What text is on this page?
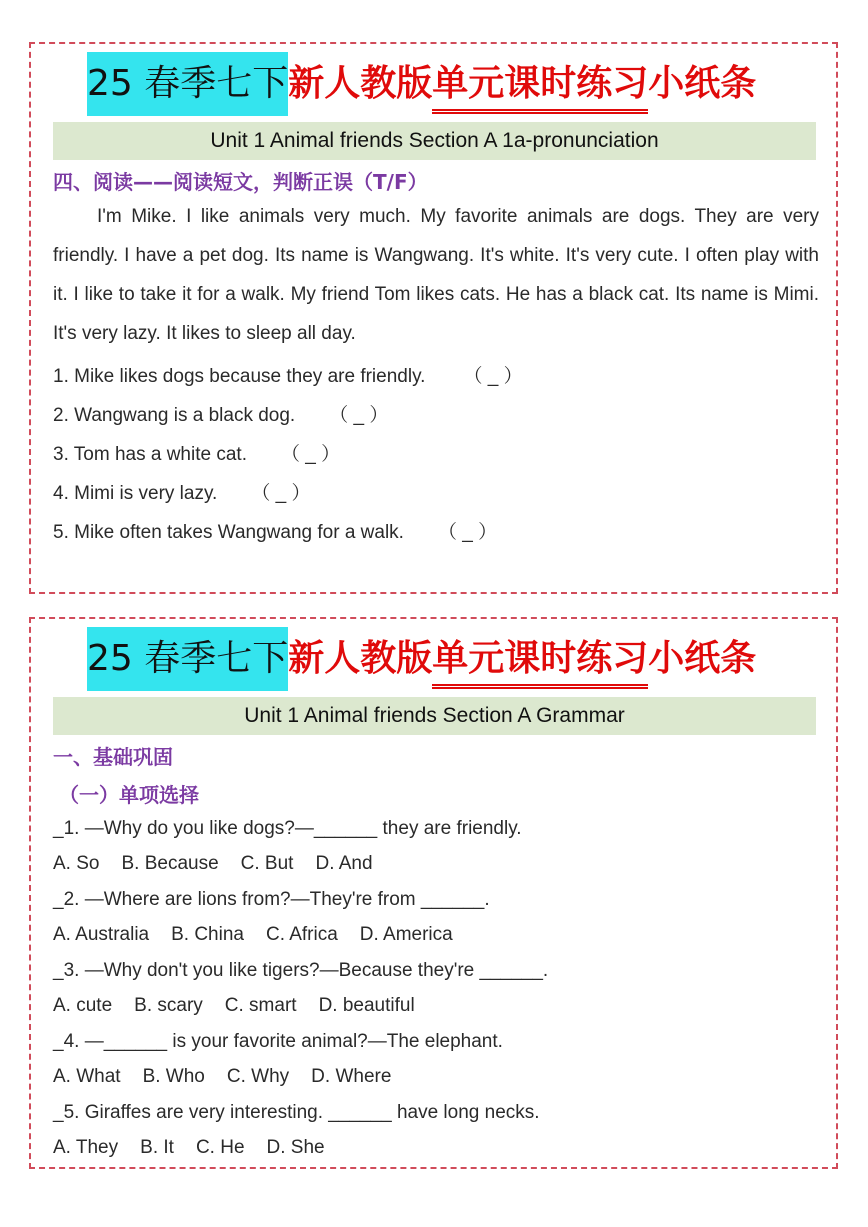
25 春季七下新人教版单元课时练习小纸条
Unit 1 Animal friends Section A 1a-pronunciation
四、阅读——阅读短文，判断正误（T/F）
I'm Mike. I like animals very much. My favorite animals are dogs. They are very friendly. I have a pet dog. Its name is Wangwang. It's white. It's very cute. I often play with it. I like to take it for a walk. My friend Tom likes cats. He has a black cat. Its name is Mimi. It's very lazy. It likes to sleep all day.
1. Mike likes dogs because they are friendly. （ _ ）
2. Wangwang is a black dog. （ _ ）
3. Tom has a white cat. （ _ ）
4. Mimi is very lazy. （ _ ）
5. Mike often takes Wangwang for a walk. （ _ ）
25 春季七下新人教版单元课时练习小纸条
Unit 1 Animal friends Section A Grammar
一、基础巩固
（一）单项选择
_1. —Why do you like dogs?—______ they are friendly.
A. So B. Because C. But D. And
_2. —Where are lions from?—They're from ______.
A. Australia B. China C. Africa D. America
_3. —Why don't you like tigers?—Because they're ______.
A. cute B. scary C. smart D. beautiful
_4. —______ is your favorite animal?—The elephant.
A. What B. Who C. Why D. Where
_5. Giraffes are very interesting. ______ have long necks.
A. They B. It C. He D. She
